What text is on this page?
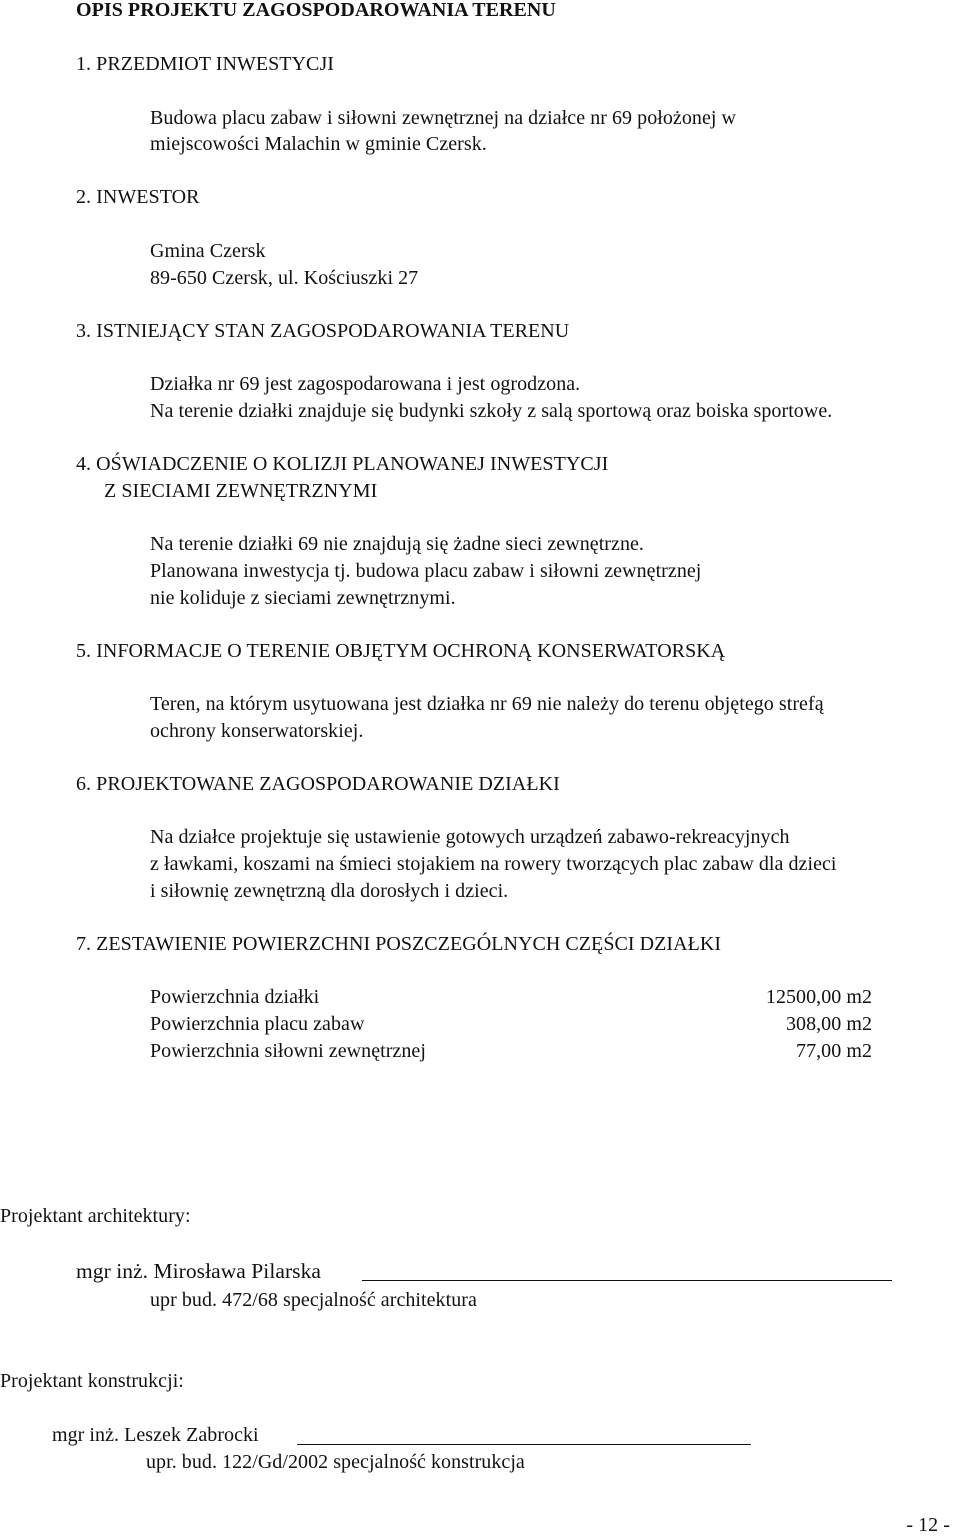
OPIS PROJEKTU ZAGOSPODAROWANIA TERENU
1. PRZEDMIOT INWESTYCJI
Budowa placu zabaw i siłowni zewnętrznej na działce nr 69 położonej w
miejscowości Malachin w gminie Czersk.
2. INWESTOR
Gmina Czersk
89-650 Czersk, ul. Kościuszki 27
3. ISTNIEJĄCY STAN ZAGOSPODAROWANIA TERENU
Działka nr 69 jest zagospodarowana i jest ogrodzona.
Na terenie działki znajduje się budynki szkoły z salą sportową oraz boiska sportowe.
4. OŚWIADCZENIE O KOLIZJI PLANOWANEJ INWESTYCJI
Z SIECIAMI ZEWNĘTRZNYMI
Na terenie działki 69 nie znajdują się żadne sieci zewnętrzne.
Planowana inwestycja tj. budowa placu zabaw i siłowni zewnętrznej
nie koliduje z sieciami zewnętrznymi.
5. INFORMACJE O TERENIE OBJĘTYM OCHRONĄ KONSERWATORSKĄ
Teren, na którym usytuowana jest działka nr 69 nie należy do terenu objętego strefą
ochrony konserwatorskiej.
6. PROJEKTOWANE ZAGOSPODAROWANIE DZIAŁKI
Na działce projektuje się ustawienie gotowych urządzeń zabawo-rekreacyjnych
z ławkami, koszami na śmieci stojakiem na rowery tworzących plac zabaw dla dzieci
i siłownię zewnętrzną dla dorosłych i dzieci.
7. ZESTAWIENIE POWIERZCHNI POSZCZEGÓLNYCH CZĘŚCI DZIAŁKI
Powierzchnia działki	12500,00 m2
Powierzchnia placu zabaw	308,00 m2
Powierzchnia siłowni zewnętrznej	77,00 m2
Projektant architektury:
mgr inż. Mirosława Pilarska
upr bud. 472/68 specjalność architektura
Projektant konstrukcji:
mgr inż. Leszek Zabrocki
upr. bud. 122/Gd/2002 specjalność konstrukcja
- 12 -
